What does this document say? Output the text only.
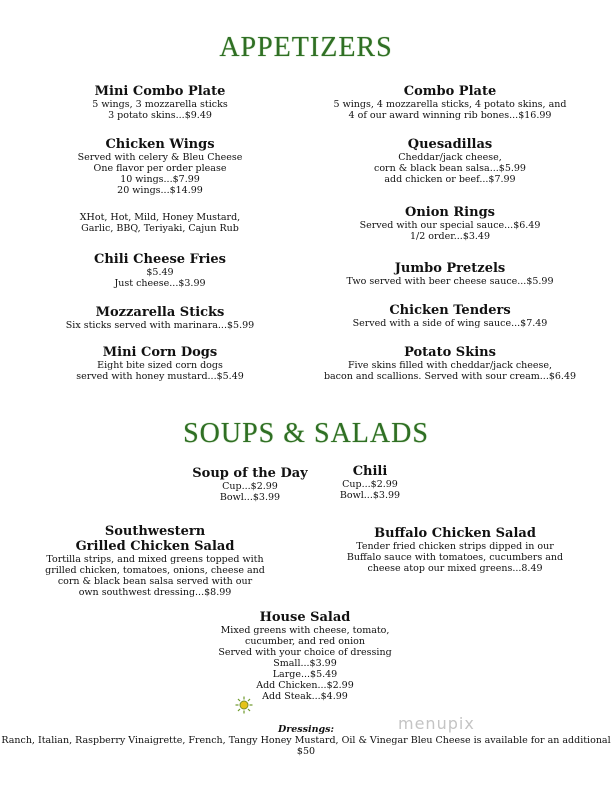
APPETIZERS
Mini Combo Plate
5 wings, 3 mozzarella sticks
3 potato skins...$9.49
Chicken Wings
Served with celery & Bleu Cheese
One flavor per order please
10 wings...$7.99
20 wings...$14.99
XHot, Hot, Mild, Honey Mustard,
Garlic, BBQ, Teriyaki, Cajun Rub
Chili Cheese Fries
$5.49
Just cheese...$3.99
Mozzarella Sticks
Six sticks served with marinara...$5.99
Mini Corn Dogs
Eight bite sized corn dogs
served with honey mustard...$5.49
Combo Plate
5 wings, 4 mozzarella sticks, 4 potato skins, and
4 of our award winning rib bones...$16.99
Quesadillas
Cheddar/jack cheese,
corn & black bean salsa...$5.99
add chicken or beef...$7.99
Onion Rings
Served with our special sauce...$6.49
1/2 order...$3.49
Jumbo Pretzels
Two served with beer cheese sauce...$5.99
Chicken Tenders
Served with a side of wing sauce...$7.49
Potato Skins
Five skins filled with cheddar/jack cheese,
bacon and scallions. Served with sour cream...$6.49
SOUPS & SALADS
Soup of the Day
Cup...$2.99
Bowl...$3.99
Chili
Cup...$2.99
Bowl...$3.99
Southwestern
Grilled Chicken Salad
Tortilla strips, and mixed greens topped with
grilled chicken, tomatoes, onions, cheese and
corn & black bean salsa served with our
own southwest dressing...$8.99
Buffalo Chicken Salad
Tender fried chicken strips dipped in our
Buffalo sauce with tomatoes, cucumbers and
cheese atop our mixed greens...8.49
House Salad
Mixed greens with cheese, tomato,
cucumber, and red onion
Served with your choice of dressing
Small...$3.99
Large...$5.49
Add Chicken...$2.99
Add Steak...$4.99
menupix
Dressings:
Ranch, Italian, Raspberry Vinaigrette, French, Tangy Honey Mustard, Oil & Vinegar Bleu Cheese is available for an additional $50
